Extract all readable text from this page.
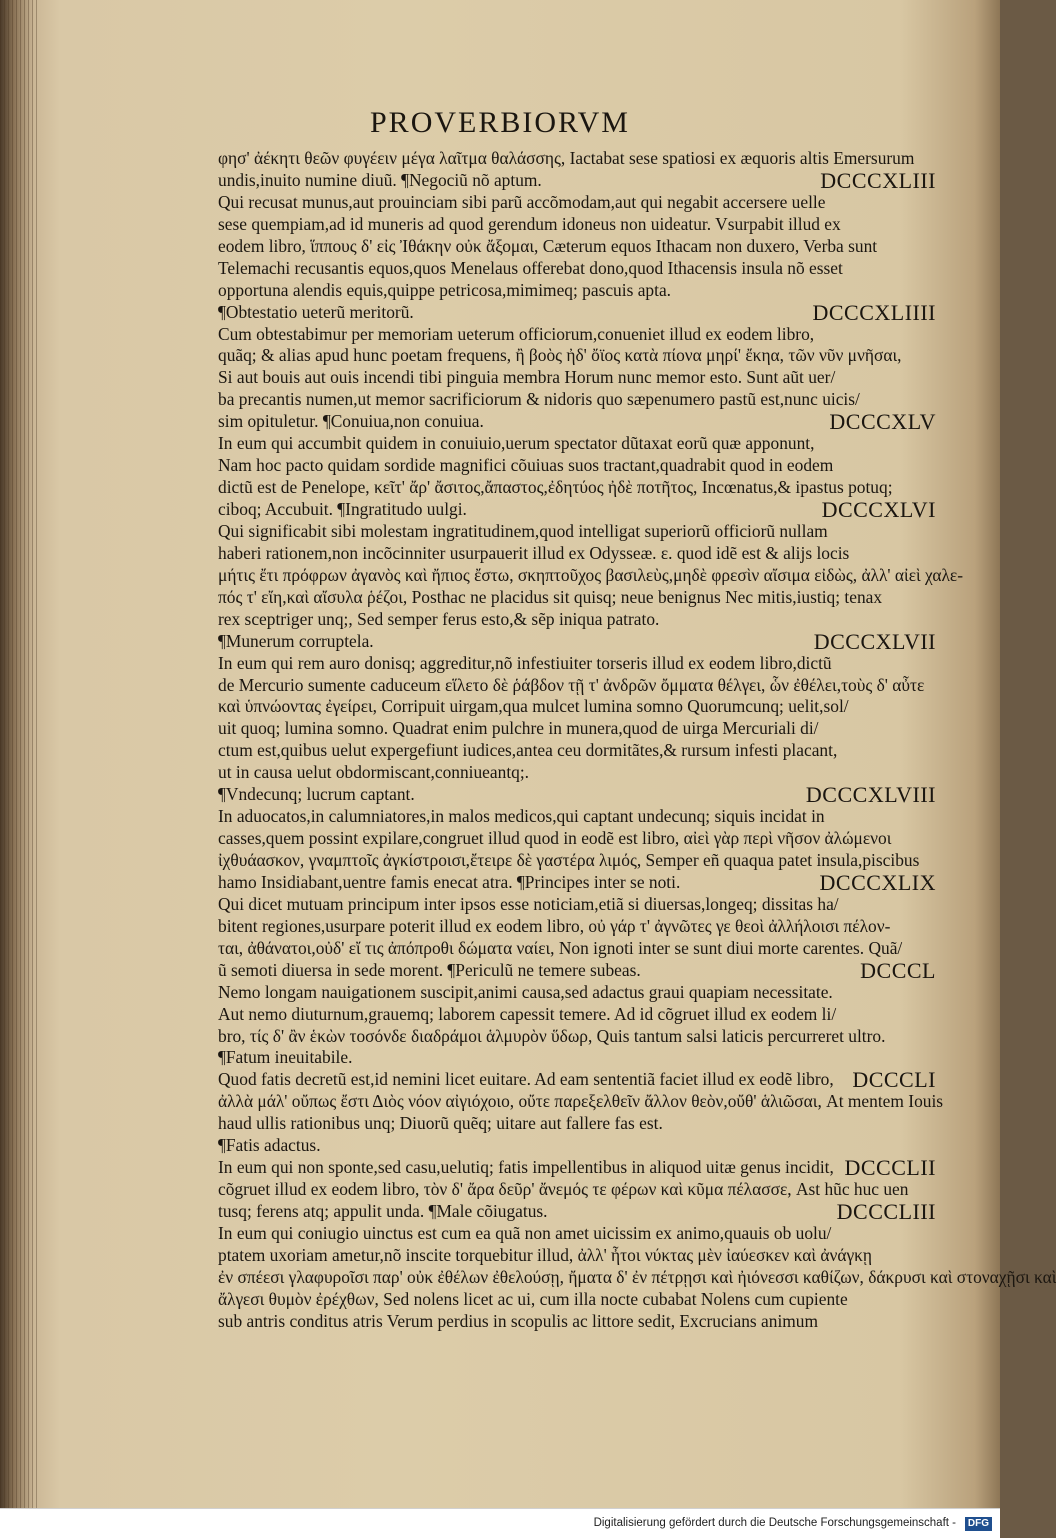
PROVERBIORVM
φησ' ἀέκητι θεῶν φυγέειν μέγα λαῖτμα θαλάσσης, Iactabat sese spatiosi ex æquoris altis Emersurum
undis,inuito numine diuũ. ¶Negociũ nõ aptum.	DCCCXLIII
Qui recusat munus,aut prouinciam sibi parũ accõmodam,aut qui negabit accersere uelle
sese quempiam,ad id muneris ad quod gerendum idoneus non uideatur. Vsurpabit illud ex
eodem libro, ἵππους δ' εἰς Ἰθάκην οὐκ ἄξομαι, Cæterum equos Ithacam non duxero, Verba sunt
Telemachi recusantis equos,quos Menelaus offerebat dono,quod Ithacensis insula nõ esset
opportuna alendis equis,quippe petricosa,mimimeq; pascuis apta.
¶Obtestatio ueterũ meritorũ.	DCCCXLIIII
Cum obtestabimur per memoriam ueterum officiorum,conueniet illud ex eodem libro,
quãq; & alias apud hunc poetam frequens, ἢ βοὸς ἠδ' ὄϊος κατὰ πίονα μηρί' ἔκηα, τῶν νῦν μνῆσαι,
Si aut bouis aut ouis incendi tibi pinguia membra Horum nunc memor esto. Sunt aũt uer/
ba precantis numen,ut memor sacrificiorum & nidoris quo sæpenumero pastũ est,nunc uicis/
sim opituletur. ¶Conuiua,non conuiua.	DCCCXLV
In eum qui accumbit quidem in conuiuio,uerum spectator dũtaxat eorũ quæ apponunt,
Nam hoc pacto quidam sordide magnifici cõuiuas suos tractant,quadrabit quod in eodem
dictũ est de Penelope, κεῖτ' ἄρ' ἄσιτος,ἄπαστος,ἐδητύος ἠδὲ ποτῆτος, Incœnatus,& ipastus potuq;
ciboq; Accubuit. ¶Ingratitudo uulgi.	DCCCXLVI
Qui significabit sibi molestam ingratitudinem,quod intelligat superiorũ officiorũ nullam
haberi rationem,non incõcinniter usurpauerit illud ex Odysseæ. ε. quod idẽ est & alijs locis
μήτις ἔτι πρόφρων ἀγανὸς καὶ ἤπιος ἔστω, σκηπτοῦχος βασιλεὺς,μηδὲ φρεσὶν αἴσιμα εἰδὼς, ἀλλ' αἰεὶ χαλε-
πός τ' εἴη,καὶ αἴσυλα ῥέζοι, Posthac ne placidus sit quisq; neue benignus Nec mitis,iustiq; tenax
rex sceptriger unq;, Sed semper ferus esto,& sẽp iniqua patrato.
¶Munerum corruptela.	DCCCXLVII
In eum qui rem auro donisq; aggreditur,nõ infestiuiter torseris illud ex eodem libro,dictũ
de Mercurio sumente caduceum εἵλετο δὲ ῥάβδον τῇ τ' ἀνδρῶν ὄμματα θέλγει, ὧν ἐθέλει,τοὺς δ' αὖτε
καὶ ὑπνώοντας ἐγείρει, Corripuit uirgam,qua mulcet lumina somno Quorumcunq; uelit,sol/
uit quoq; lumina somno. Quadrat enim pulchre in munera,quod de uirga Mercuriali di/
ctum est,quibus uelut expergefiunt iudices,antea ceu dormitãtes,& rursum infesti placant,
ut in causa uelut obdormiscant,conniueantq;.
¶Vndecunq; lucrum captant.	DCCCXLVIII
In aduocatos,in calumniatores,in malos medicos,qui captant undecunq; siquis incidat in
casses,quem possint expilare,congruet illud quod in eodẽ est libro, αἰεὶ γὰρ περὶ νῆσον ἀλώμενοι
ἰχθυάασκον, γναμπτοῖς ἀγκίστροισι,ἔτειρε δὲ γαστέρα λιμός, Semper eñ quaqua patet insula,piscibus
hamo Insidiabant,uentre famis enecat atra. ¶Principes inter se noti.	DCCCXLIX
Qui dicet mutuam principum inter ipsos esse noticiam,etiã si diuersas,longeq; dissitas ha/
bitent regiones,usurpare poterit illud ex eodem libro, οὐ γάρ τ' ἀγνῶτες γε θεοὶ ἀλλήλοισι πέλον-
ται, ἀθάνατοι,οὐδ' εἴ τις ἀπόπροθι δώματα ναίει, Non ignoti inter se sunt diui morte carentes. Quã/
ũ semoti diuersa in sede morent. ¶Periculũ ne temere subeas.	DCCCL
Nemo longam nauigationem suscipit,animi causa,sed adactus graui quapiam necessitate.
Aut nemo diuturnum,grauemq; laborem capessit temere. Ad id cõgruet illud ex eodem li/
bro, τίς δ' ἂν ἑκὼν τοσόνδε διαδράμοι ἁλμυρὸν ὕδωρ, Quis tantum salsi laticis percurreret ultro.
¶Fatum ineuitabile.
Quod fatis decretũ est,id nemini licet euitare. Ad eam sententiã faciet illud ex eodẽ libro, DCCCLI
ἀλλὰ μάλ' οὔπως ἔστι Διὸς νόον αἰγιόχοιο, οὔτε παρεξελθεῖν ἄλλον θεὸν,οὔθ' ἁλιῶσαι, At mentem Iouis
haud ullis rationibus unq; Diuorũ quẽq; uitare aut fallere fas est.
¶Fatis adactus.
In eum qui non sponte,sed casu,uelutiq; fatis impellentibus in aliquod uitæ genus incidit, DCCCLII
cõgruet illud ex eodem libro, τὸν δ' ἄρα δεῦρ' ἄνεμός τε φέρων καὶ κῦμα πέλασσε, Ast hũc huc uen
tusq; ferens atq; appulit unda. ¶Male cõiugatus.	DCCCLIII
In eum qui coniugio uinctus est cum ea quã non amet uicissim ex animo,quauis ob uolu/
ptatem uxoriam ametur,nõ inscite torquebitur illud, ἀλλ' ἦτοι νύκτας μὲν ἰαύεσκεν καὶ ἀνάγκῃ
ἐν σπέεσι γλαφυροῖσι παρ' οὐκ ἐθέλων ἐθελούσῃ, ἤματα δ' ἐν πέτρῃσι καὶ ἠιόνεσσι καθίζων, δάκρυσι καὶ στοναχῇσι καὶ
ἄλγεσι θυμὸν ἐρέχθων, Sed nolens licet ac ui, cum illa nocte cubabat Nolens cum cupiente
sub antris conditus atris Verum perdius in scopulis ac littore sedit, Excrucians animum
Digitalisierung gefördert durch die Deutsche Forschungsgemeinschaft -	DFG
